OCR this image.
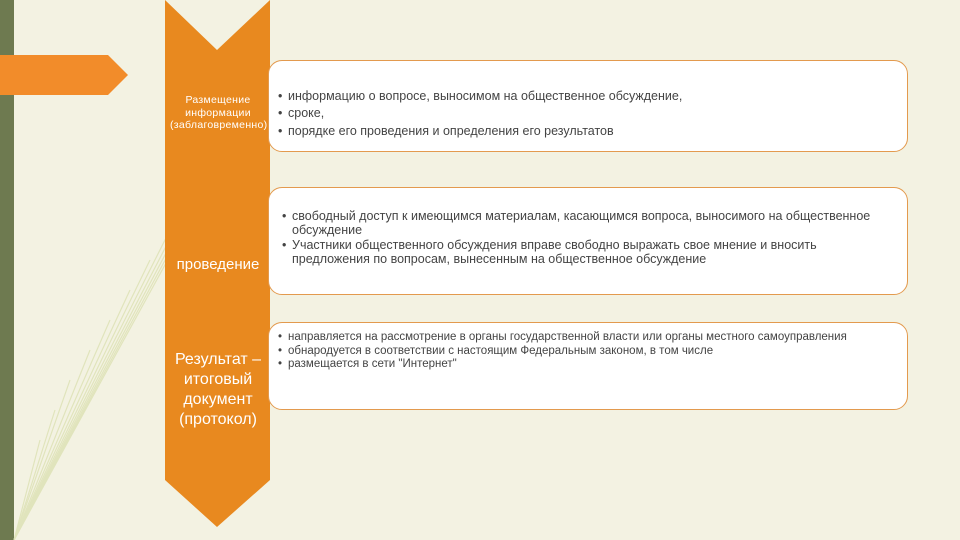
Размещение информации (заблаговременно)
проведение
Результат – итоговый документ (протокол)
• информацию о вопросе, выносимом на общественное обсуждение,
• сроке,
• порядке его проведения и определения его результатов
• свободный доступ к имеющимся материалам, касающимся вопроса, выносимого на общественное обсуждение
• Участники общественного обсуждения вправе свободно выражать свое мнение и вносить предложения по вопросам, вынесенным на общественное обсуждение
• направляется на рассмотрение в органы государственной власти или органы местного самоуправления
• обнародуется в соответствии с настоящим Федеральным законом, в том числе
• размещается в сети "Интернет"
